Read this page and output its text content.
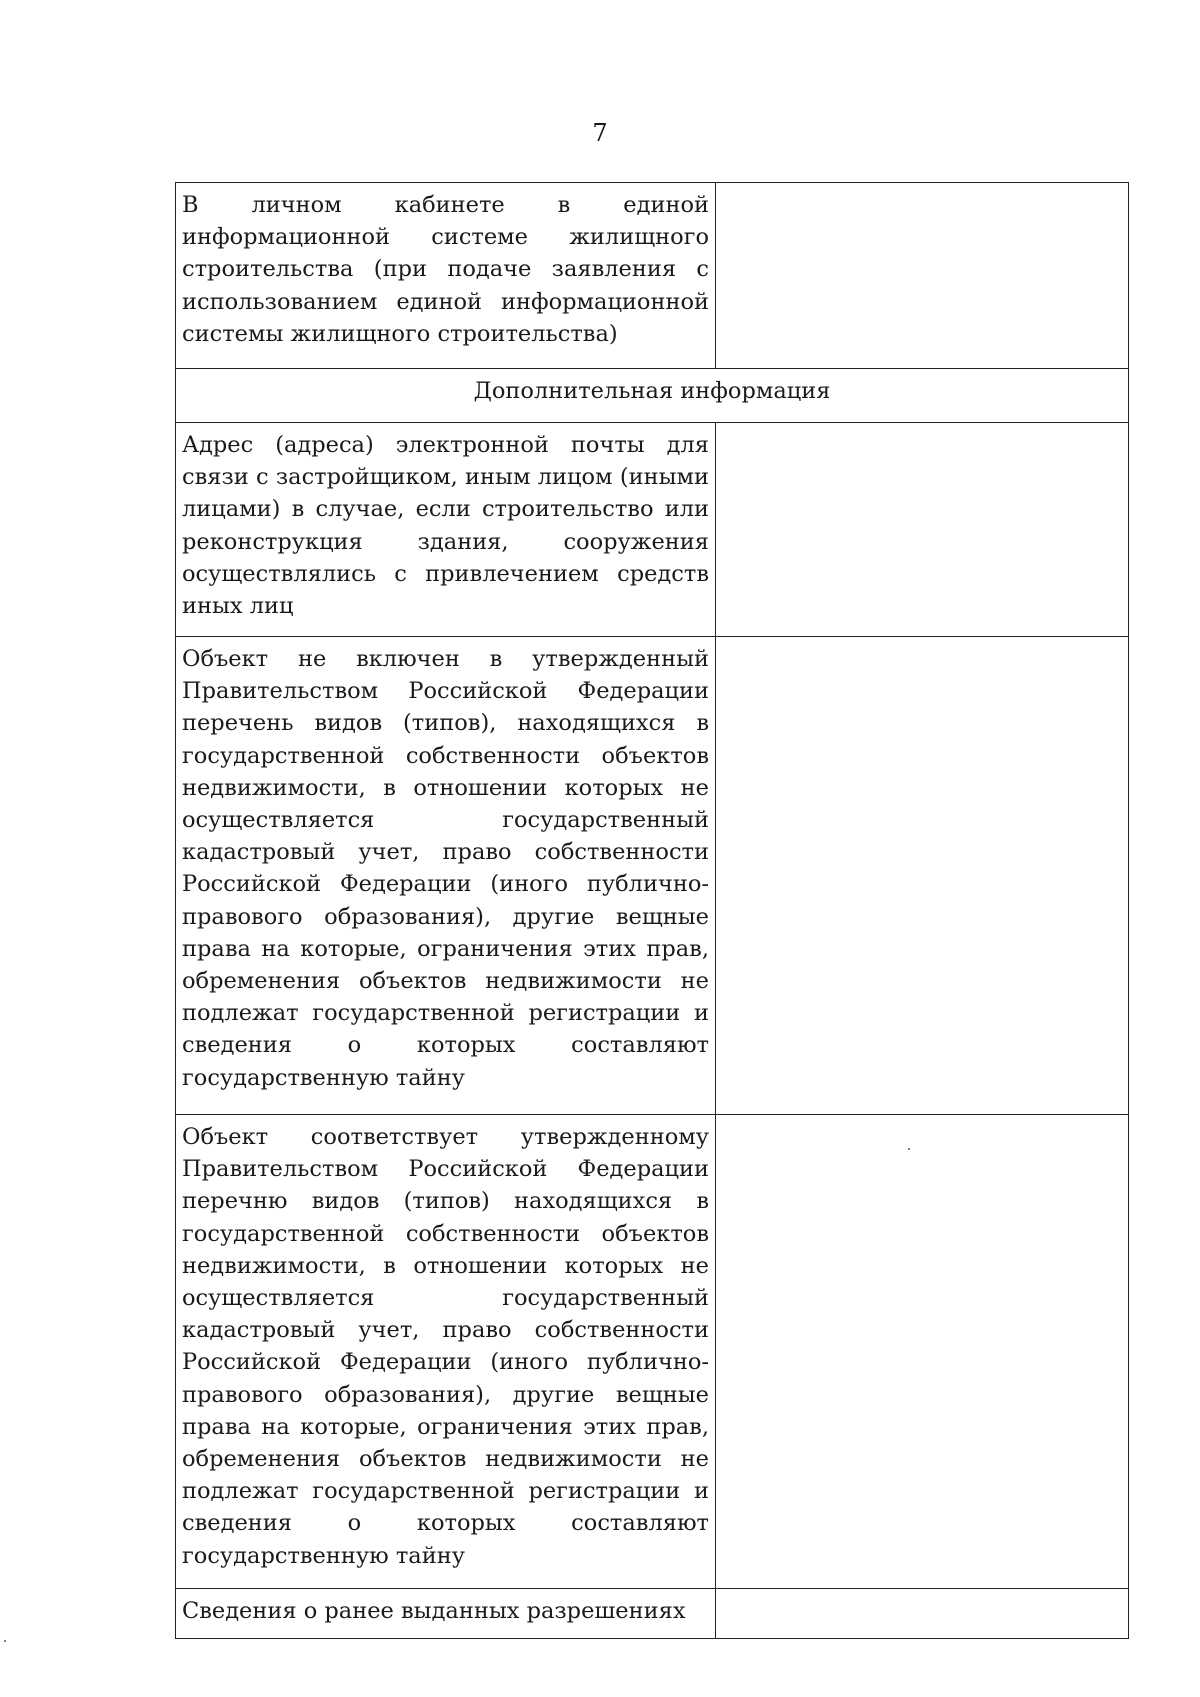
7
В личном кабинете в единой информационной системе жилищного строительства (при подаче заявления с использованием единой информационной системы жилищного строительства)	
Дополнительная информация	
Адрес (адреса) электронной почты для связи с застройщиком, иным лицом (иными лицами) в случае, если строительство или реконструкция здания, сооружения осуществлялись с привлечением средств иных лиц	
Объект не включен в утвержденный Правительством Российской Федерации перечень видов (типов), находящихся в государственной собственности объектов недвижимости, в отношении которых не осуществляется государственный кадастровый учет, право собственности Российской Федерации (иного публично-правового образования), другие вещные права на которые, ограничения этих прав, обременения объектов недвижимости не подлежат государственной регистрации и сведения о которых составляют государственную тайну	
Объект соответствует утвержденному Правительством Российской Федерации перечню видов (типов) находящихся в государственной собственности объектов недвижимости, в отношении которых не осуществляется государственный кадастровый учет, право собственности Российской Федерации (иного публично-правового образования), другие вещные права на которые, ограничения этих прав, обременения объектов недвижимости не подлежат государственной регистрации и сведения о которых составляют государственную тайну	
Сведения о ранее выданных разрешениях	
